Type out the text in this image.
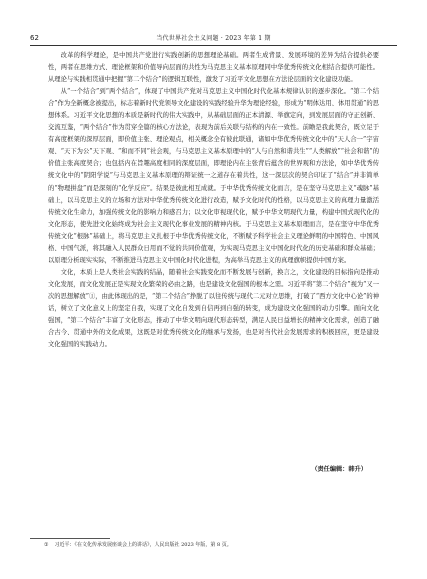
62	当代世界社会主义问题 · 2023 年第 1 期

改革的科学理论，是中国共产党进行实践创新的思想理论基础。两者生成背景、发展环境的差异为结合提供必要性，两者在思维方式、理论框架和价值导向层面的共性为马克思主义基本原理同中华优秀传统文化相结合提供可能性。从理论与实践相贯通中把握“第二个结合”的逻辑互联性，激发了习近平文化思想在方法论层面的文化建设功能。

从“一个结合”到“两个结合”，体现了中国共产党对马克思主义中国化时代化基本规律认识的逐步深化。“第二个结合”作为全新概念被提出，标志着新时代党领导文化建设的实践经验升华为理论经验，形成为“明体达用、体用贯通”的思想体系。习近平文化思想的本质是新时代的伟大实践中，从基础层面的正本清源、举旗定向，到发展层面的守正创新、交流互鉴，“两个结合”作为贯穿全篇的核心方法论，表现为前后关联与结构的内在一致性。前瞻是我此契合，既立足于有高度框架的深厚层面，即价值主张、理论观点，相关概念全有彼此联通，诸如中华优秀传统文化中的“天人合一”宇宙观、“天下为公”天下观、“和而不同”社会观，与马克思主义基本原理中的“人与自然和谐共生”“人类解放”“社会和谐”的价值主张高度契合；也包括内在旨趣高度相同的深度层面，即理论内在主张背后蕴含的世界观和方法论，如中华优秀传统文化中的“阴阳学说”与马克思主义基本原理的辩证统一之道存在着共性，这一深层次的契合印证了“结合”并非简单的“物理拼盘”而是深刻的“化学反应”。结果是彼此相互成就。于中华优秀传统文化而言，是在坚守马克思主义“魂脉”基础上，以马克思主义的立场和方法对中华优秀传统文化进行改造，赋予文化时代的性格，以马克思主义的真理力量激活传统文化生命力，加强传统文化的影响力和感召力；以文化审视现代化，赋予中华文明现代力量，构建中国式现代化的文化形态，使先进文化始终成为社会主义现代化事业发展的精神内核。于马克思主义基本原理而言，是在坚守中华优秀传统文化“根脉”基础上，将马克思主义扎根于中华优秀传统文化，不断赋予科学社会主义理论鲜明的中国特色、中国风格、中国气派，将其融入人民群众日用而不觉的共同价值观，为实现马克思主义中国化时代化的历史基础和群众基础；以原理分析现实实际，不断推进马克思主义中国化时代化进程，为高举马克思主义的真理旗帜提供中国方案。

文化，本质上是人类社会实践的结晶，随着社会实践变化而不断发展与创新，换言之，文化建设的目标指向是推动文化发展，而文化发展正是实现文化繁荣的必由之路，也是建设文化强国的根本之需。习近平将“第二个结合”视为“又一次的思想解放”①，由此体现出的是，“第二个结合”挣脱了以往传统与现代二元对立思维，打破了“西方文化中心论”的神话，树立了文化意义上的坚定自我，实现了文化自发到自信再到自强的转变，成为建设文化强国的动力引擎。面向文化强国，“第二个结合”丰富了文化形态，推动了中华文明向现代形态转型，满足人民日益增长的精神文化需求，创造了融合古今、贯通中外的文化成果，这既是对优秀传统文化的继承与发扬，也是对当代社会发展需求的积极回应，更是建设文化强国的实践动力。

（责任编辑：韩升）
① 习近平：《在文化传承发展座谈会上的讲话》，人民出版社 2023 年版，第 8 页。
